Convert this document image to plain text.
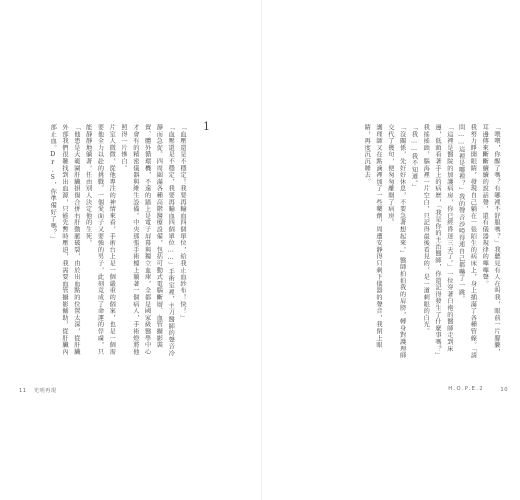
1

「血壓還是不穩定！我要再輸血四個單位，給我止血紗布！快！」

「血壓還是不穩定，我要再輸血四個單位……」手術室裡，主刀醫師的聲音冷靜而急促。四周圍滿各種高階醫療設備，包括可動式電腦斷層、血管攝影裝置、體外循環機，不遠的牆上是電子屏幕與獨立血庫，全都是國家級醫學中心才會有的精密儀器與維生設備。中央那張手術檯上躺著一個病人，手術燈將他照得一片慘白。

片室人微微，從他專注的神情來看，手術台上是一個嚴重的個案，也是一個需要他全力以赴的挑戰。一個愛面子又要強的男子，此刻竟成了命運的俘虜，只能靜靜地躺著，任由別人決定他的生死。

「他患是大範圍肝臟損傷合併右肝動脈破裂，由於出血點的位置太深，從肝臟外部我們很難找到出血源，只能先暫時壓迫，我需要血管攝影輔助，從肝臟內部止血。Dr.S，你準備好了嗎？」

11 光明再現

「喂喂，你醒了嗎？有哪裡不舒服嗎？」我聽見有人在叫我，眼前一片朦朧，耳邊傳來斷斷續續的說話聲，還有儀器規律的嗶嗶聲。

我努力睜開眼睛，發現自己躺在一張陌生的病床上，身上插滿了各種管線。「請問……這裡是哪裡？」我的聲音沙啞得連自己都嚇了一跳。

「這裡是醫院的加護病房，你已經昏迷三天了。」一位穿著白袍的醫師走到床邊，低頭看著手上的病歷，「我是你的主治醫師，你還記得發生了什麼事嗎？」

我搖搖頭，腦海裡一片空白，只記得最後看見的，是一道刺眼的白光。「我……我不知道。」

「沒關係，先好好休息，不要急著想起來。」醫師拍拍我的肩膀，轉身對護理師交代了幾句，便匆匆離開了病房。

護理師又在點滴裡加了一些藥劑，周遭安靜得只剩下儀器的聲音，我閉上眼睛，再度沉沉睡去。

H.O.P.E.2	10
